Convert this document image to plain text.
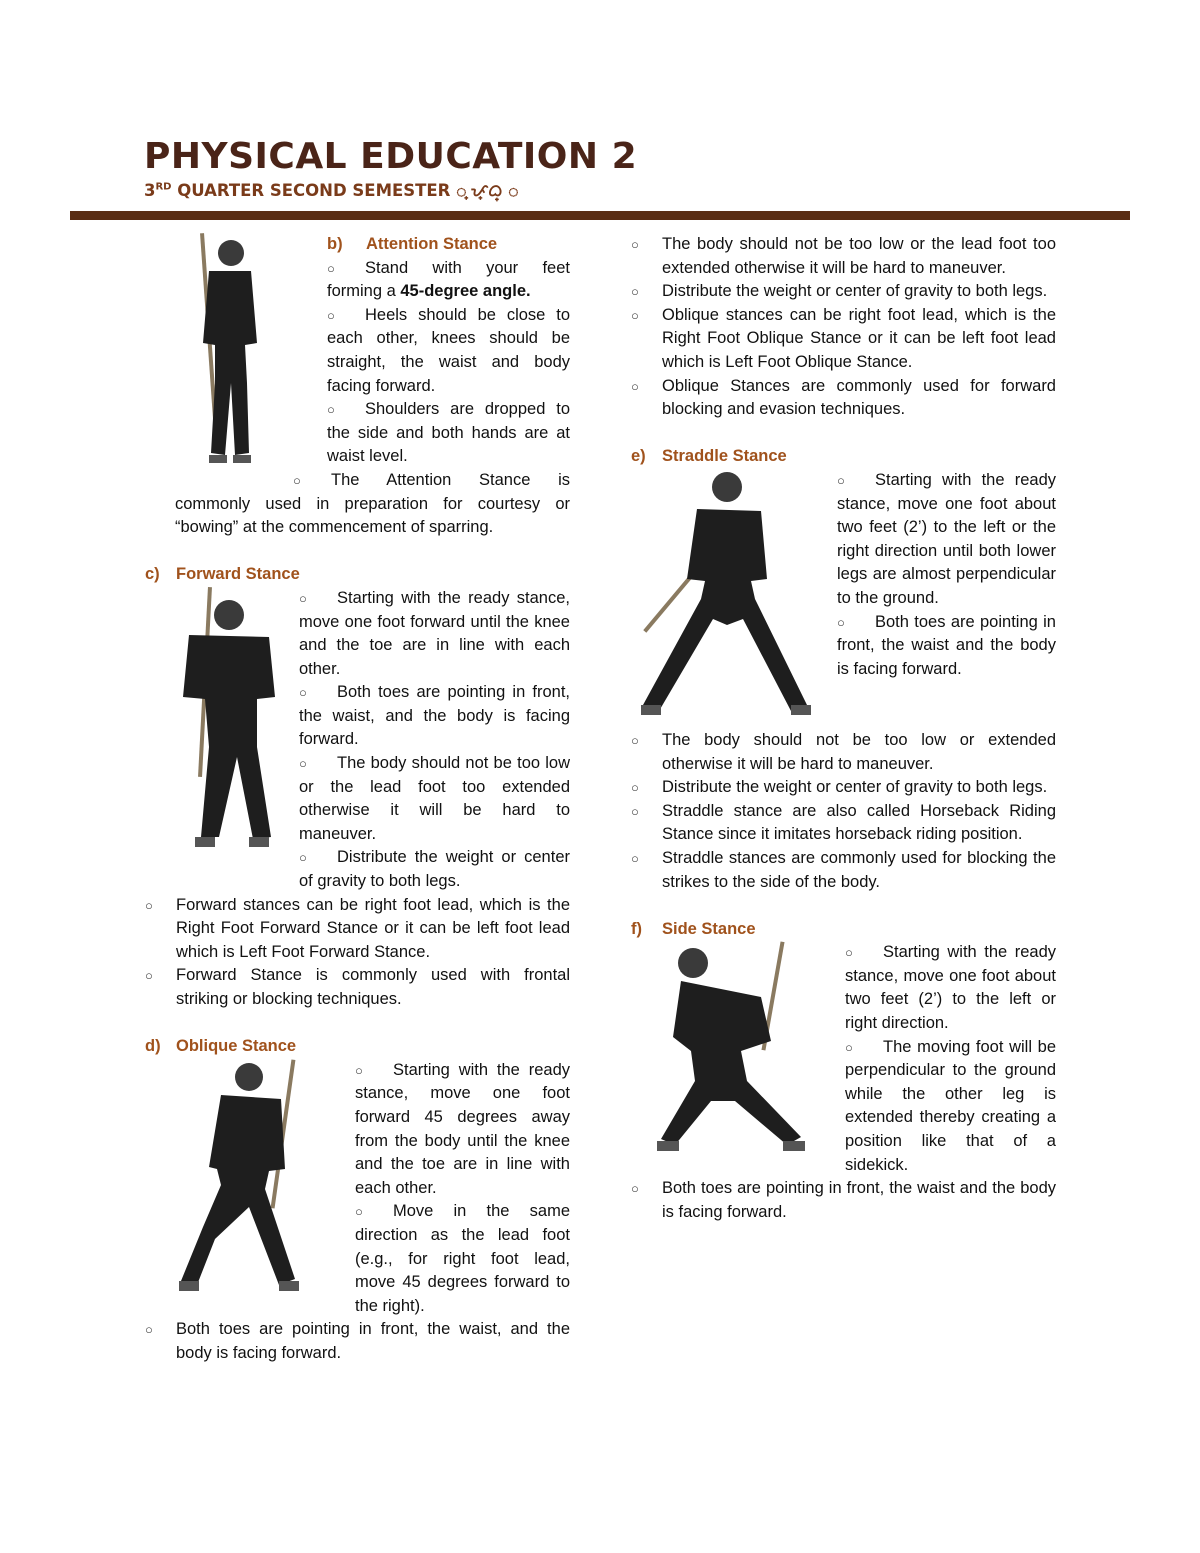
PHYSICAL EDUCATION 2
3RD QUARTER SECOND SEMESTER ᜀ ᜔ᜉ᜔ᜊ᜔ ᜀ
b)	Attention Stance
○ Stand with your feet forming a 45-degree angle.
○ Heels should be close to each other, knees should be straight, the waist and body facing forward.
○ Shoulders are dropped to the side and both hands are at waist level.
○ The Attention Stance is commonly used in preparation for courtesy or “bowing” at the commencement of sparring.
c) Forward Stance
○ Starting with the ready stance, move one foot forward until the knee and the toe are in line with each other.
○ Both toes are pointing in front, the waist, and the body is facing forward.
○ The body should not be too low or the lead foot too extended otherwise it will be hard to maneuver.
○ Distribute the weight or center of gravity to both legs.
○ Forward stances can be right foot lead, which is the Right Foot Forward Stance or it can be left foot lead which is Left Foot Forward Stance.
○ Forward Stance is commonly used with frontal striking or blocking techniques.
d) Oblique Stance
○ Starting with the ready stance, move one foot forward 45 degrees away from the body until the knee and the toe are in line with each other.
○ Move in the same direction as the lead foot (e.g., for right foot lead, move 45 degrees forward to the right).
○ Both toes are pointing in front, the waist, and the body is facing forward.
○ The body should not be too low or the lead foot too extended otherwise it will be hard to maneuver.
○ Distribute the weight or center of gravity to both legs.
○ Oblique stances can be right foot lead, which is the Right Foot Oblique Stance or it can be left foot lead which is Left Foot Oblique Stance.
○ Oblique Stances are commonly used for forward blocking and evasion techniques.
e) Straddle Stance
○ Starting with the ready stance, move one foot about two feet (2’) to the left or the right direction until both lower legs are almost perpendicular to the ground.
○ Both toes are pointing in front, the waist and the body is facing forward.
○ The body should not be too low or extended otherwise it will be hard to maneuver.
○ Distribute the weight or center of gravity to both legs.
○ Straddle stance are also called Horseback Riding Stance since it imitates horseback riding position.
○ Straddle stances are commonly used for blocking the strikes to the side of the body.
f)	Side Stance
○ Starting with the ready stance, move one foot about two feet (2’) to the left or right direction.
○ The moving foot will be perpendicular to the ground while the other leg is extended thereby creating a position like that of a sidekick.
○ Both toes are pointing in front, the waist and the body is facing forward.
